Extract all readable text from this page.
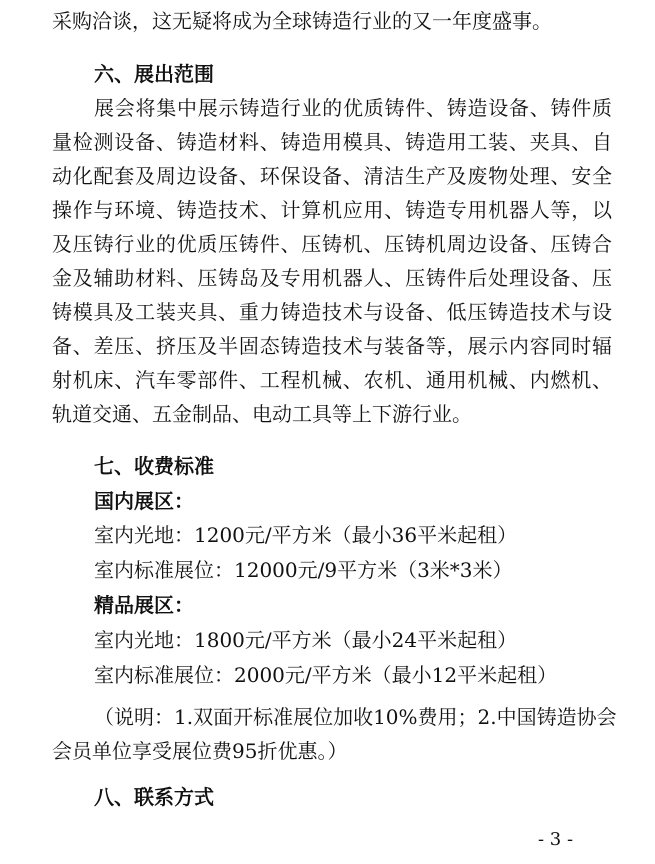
采购洽谈，这无疑将成为全球铸造行业的又一年度盛事。
六、展出范围
展会将集中展示铸造行业的优质铸件、铸造设备、铸件质
量检测设备、铸造材料、铸造用模具、铸造用工装、夹具、自
动化配套及周边设备、环保设备、清洁生产及废物处理、安全
操作与环境、铸造技术、计算机应用、铸造专用机器人等，以
及压铸行业的优质压铸件、压铸机、压铸机周边设备、压铸合
金及辅助材料、压铸岛及专用机器人、压铸件后处理设备、压
铸模具及工装夹具、重力铸造技术与设备、低压铸造技术与设
备、差压、挤压及半固态铸造技术与装备等，展示内容同时辐
射机床、汽车零部件、工程机械、农机、通用机械、内燃机、
轨道交通、五金制品、电动工具等上下游行业。
七、收费标准
国内展区：
室内光地：1200元/平方米（最小36平米起租）
室内标准展位：12000元/9平方米（3米*3米）
精品展区：
室内光地：1800元/平方米（最小24平米起租）
室内标准展位：2000元/平方米（最小12平米起租）
（说明：1.双面开标准展位加收10%费用；2.中国铸造协会
会员单位享受展位费95折优惠。）
八、联系方式
- 3 -
